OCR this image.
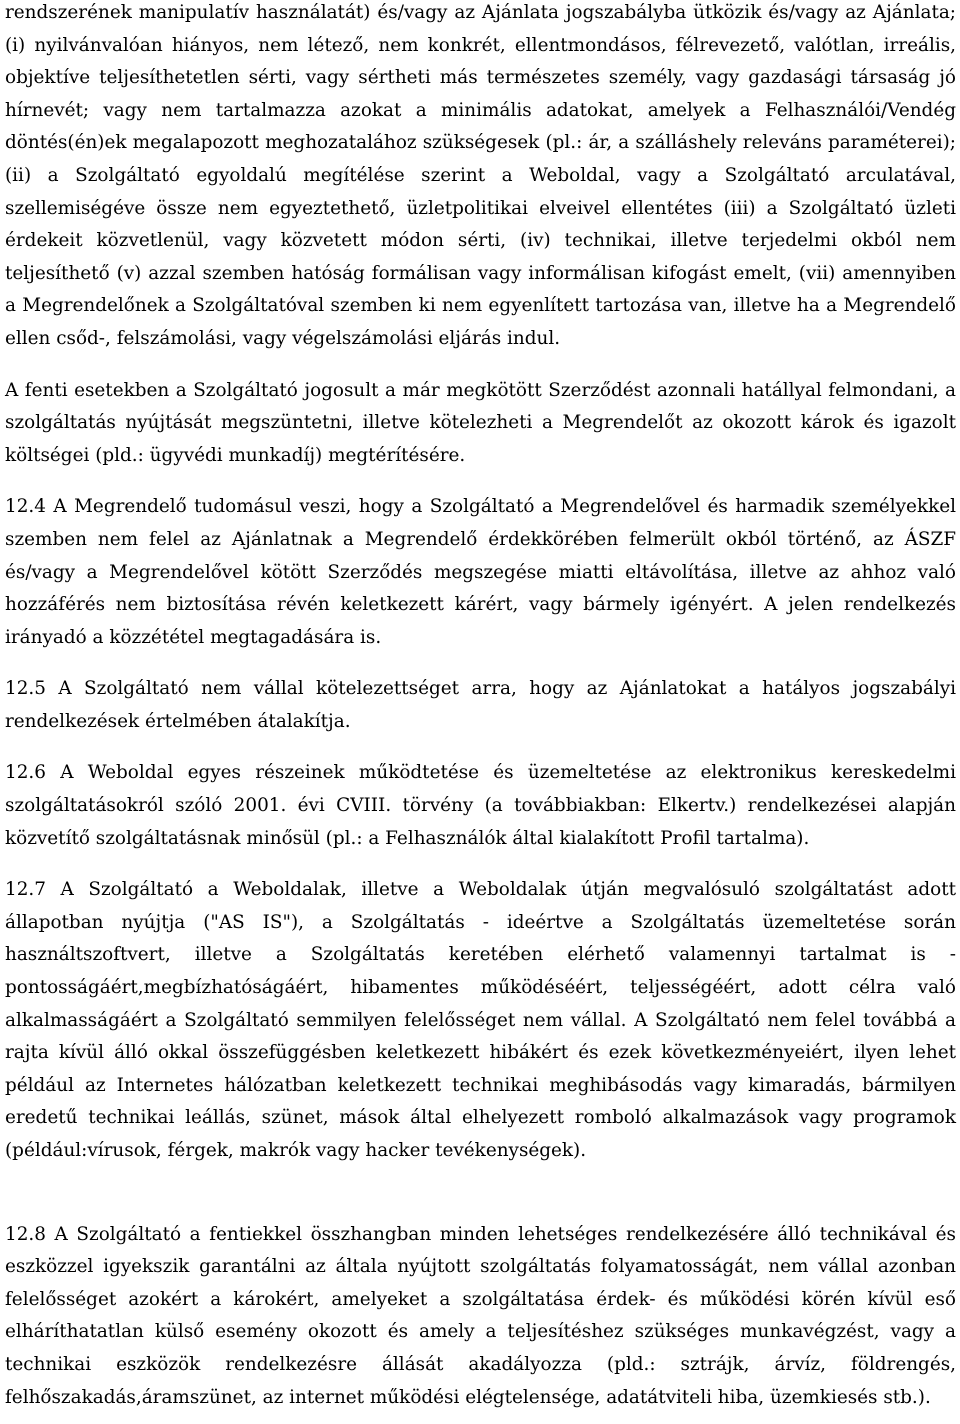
rendszerének manipulatív használatát) és/vagy az Ajánlata jogszabályba ütközik és/vagy az Ajánlata; (i) nyilvánvalóan hiányos, nem létező, nem konkrét, ellentmondásos, félrevezető, valótlan, irreális, objektíve teljesíthetetlen sérti, vagy sértheti más természetes személy, vagy gazdasági társaság jó hírnevét; vagy nem tartalmazza azokat a minimális adatokat, amelyek a Felhasználói/Vendég döntés(én)ek megalapozott meghozatalához szükségesek (pl.: ár, a szálláshely releváns paraméterei); (ii) a Szolgáltató egyoldalú megítélése szerint a Weboldal, vagy a Szolgáltató arculatával, szellemiségéve össze nem egyeztethető, üzletpolitikai elveivel ellentétes (iii) a Szolgáltató üzleti érdekeit közvetlenül, vagy közvetett módon sérti, (iv) technikai, illetve terjedelmi okból nem teljesíthető (v) azzal szemben hatóság formálisan vagy informálisan kifogást emelt, (vii) amennyiben a Megrendelőnek a Szolgáltatóval szemben ki nem egyenlített tartozása van, illetve ha a Megrendelő ellen csőd-, felszámolási, vagy végelszámolási eljárás indul.

A fenti esetekben a Szolgáltató jogosult a már megkötött Szerződést azonnali hatállyal felmondani, a szolgáltatás nyújtását megszüntetni, illetve kötelezheti a Megrendelőt az okozott károk és igazolt költségei (pld.: ügyvédi munkadíj) megtérítésére.

12.4 A Megrendelő tudomásul veszi, hogy a Szolgáltató a Megrendelővel és harmadik személyekkel szemben nem felel az Ajánlatnak a Megrendelő érdekkörében felmerült okból történő, az ÁSZF és/vagy a Megrendelővel kötött Szerződés megszegése miatti eltávolítása, illetve az ahhoz való hozzáférés nem biztosítása révén keletkezett kárért, vagy bármely igényért. A jelen rendelkezés irányadó a közzététel megtagadására is.

12.5 A Szolgáltató nem vállal kötelezettséget arra, hogy az Ajánlatokat a hatályos jogszabályi rendelkezések értelmében átalakítja.

12.6 A Weboldal egyes részeinek működtetése és üzemeltetése az elektronikus kereskedelmi szolgáltatásokról szóló 2001. évi CVIII. törvény (a továbbiakban: Elkertv.) rendelkezései alapján közvetítő szolgáltatásnak minősül (pl.: a Felhasználók által kialakított Profil tartalma).

12.7 A Szolgáltató a Weboldalak, illetve a Weboldalak útján megvalósuló szolgáltatást adott állapotban nyújtja ("AS IS"), a Szolgáltatás - ideértve a Szolgáltatás üzemeltetése során használtszoftvert, illetve a Szolgáltatás keretében elérhető valamennyi tartalmat is - pontosságáért,megbízhatóságáért, hibamentes működéséért, teljességéért, adott célra való alkalmasságáért a Szolgáltató semmilyen felelősséget nem vállal. A Szolgáltató nem felel továbbá a rajta kívül álló okkal összefüggésben keletkezett hibákért és ezek következményeiért, ilyen lehet például az Internetes hálózatban keletkezett technikai meghibásodás vagy kimaradás, bármilyen eredetű technikai leállás, szünet, mások által elhelyezett romboló alkalmazások vagy programok (például:vírusok, férgek, makrók vagy hacker tevékenységek).

12.8 A Szolgáltató a fentiekkel összhangban minden lehetséges rendelkezésére álló technikával és eszközzel igyekszik garantálni az általa nyújtott szolgáltatás folyamatosságát, nem vállal azonban felelősséget azokért a károkért, amelyeket a szolgáltatása érdek- és működési körén kívül eső elháríthatatlan külső esemény okozott és amely a teljesítéshez szükséges munkavégzést, vagy a technikai eszközök rendelkezésre állását akadályozza (pld.: sztrájk, árvíz, földrengés, felhőszakadás,áramszünet, az internet működési elégtelensége, adatátviteli hiba, üzemkiesés stb.).
